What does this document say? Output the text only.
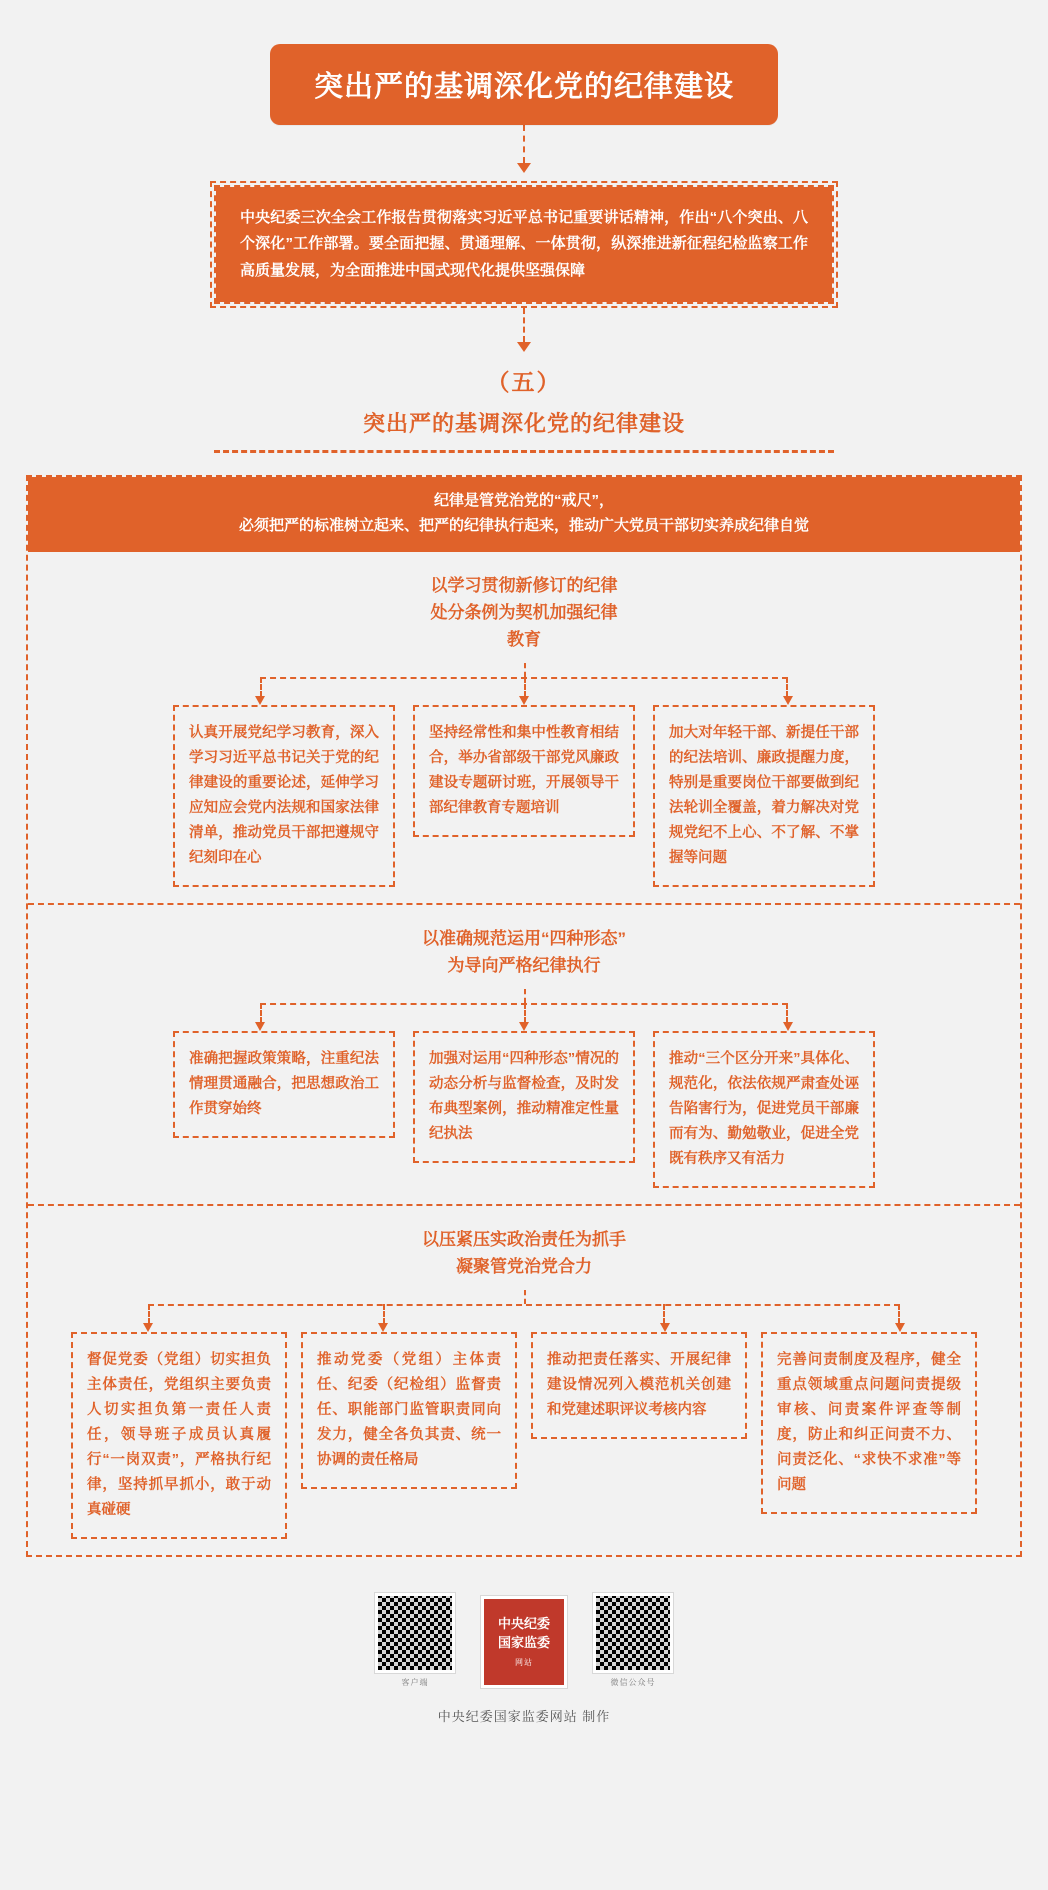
突出严的基调深化党的纪律建设
中央纪委三次全会工作报告贯彻落实习近平总书记重要讲话精神，作出“八个突出、八个深化”工作部署。要全面把握、贯通理解、一体贯彻，纵深推进新征程纪检监察工作高质量发展，为全面推进中国式现代化提供坚强保障
（五）
突出严的基调深化党的纪律建设
纪律是管党治党的“戒尺”，
必须把严的标准树立起来、把严的纪律执行起来，推动广大党员干部切实养成纪律自觉
以学习贯彻新修订的纪律
处分条例为契机加强纪律
教育
认真开展党纪学习教育，深入学习习近平总书记关于党的纪律建设的重要论述，延伸学习应知应会党内法规和国家法律清单，推动党员干部把遵规守纪刻印在心
坚持经常性和集中性教育相结合，举办省部级干部党风廉政建设专题研讨班，开展领导干部纪律教育专题培训
加大对年轻干部、新提任干部的纪法培训、廉政提醒力度，特别是重要岗位干部要做到纪法轮训全覆盖，着力解决对党规党纪不上心、不了解、不掌握等问题
以准确规范运用“四种形态”
为导向严格纪律执行
准确把握政策策略，注重纪法情理贯通融合，把思想政治工作贯穿始终
加强对运用“四种形态”情况的动态分析与监督检查，及时发布典型案例，推动精准定性量纪执法
推动“三个区分开来”具体化、规范化，依法依规严肃查处诬告陷害行为，促进党员干部廉而有为、勤勉敬业，促进全党既有秩序又有活力
以压紧压实政治责任为抓手
凝聚管党治党合力
督促党委（党组）切实担负主体责任，党组织主要负责人切实担负第一责任人责任，领导班子成员认真履行“一岗双责”，严格执行纪律，坚持抓早抓小，敢于动真碰硬
推动党委（党组）主体责任、纪委（纪检组）监督责任、职能部门监管职责同向发力，健全各负其责、统一协调的责任格局
推动把责任落实、开展纪律建设情况列入模范机关创建和党建述职评议考核内容
完善问责制度及程序，健全重点领域重点问题问责提级审核、问责案件评查等制度，防止和纠正问责不力、问责泛化、“求快不求准”等问题
客户端
中央纪委
国家监委
网站
微信公众号
中央纪委国家监委网站 制作
